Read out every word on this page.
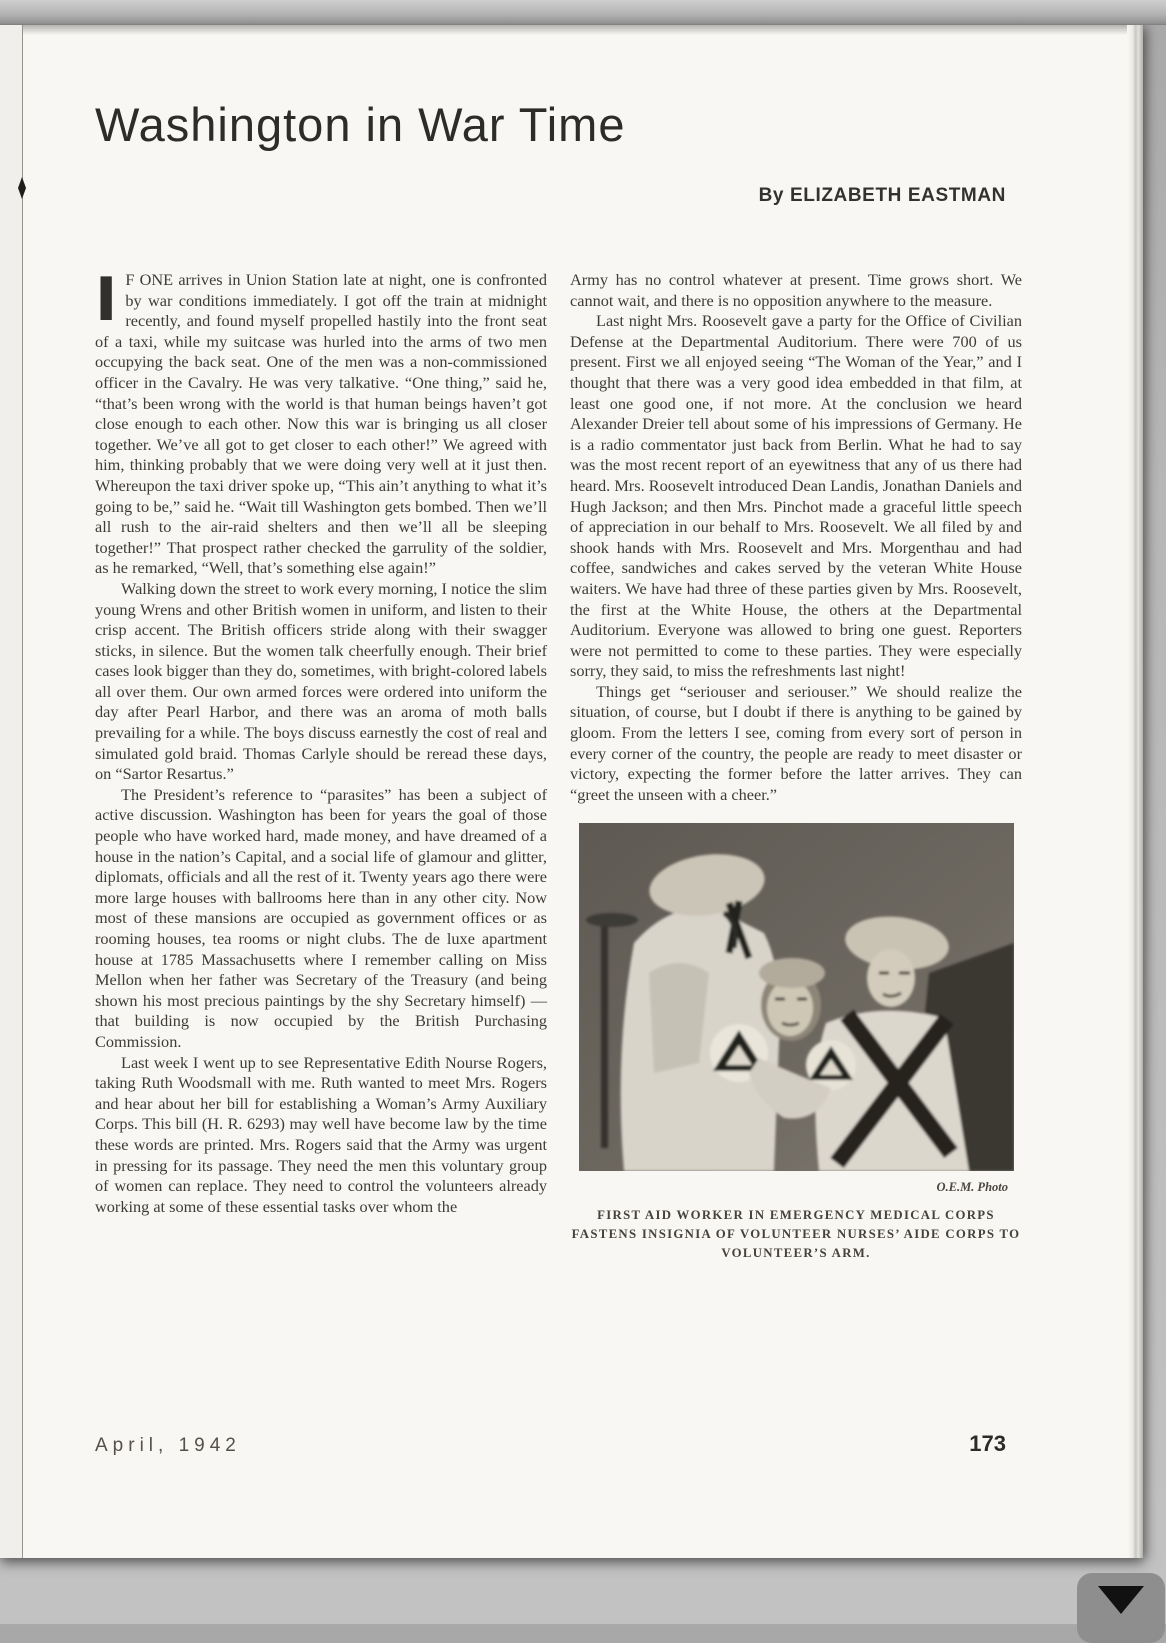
Washington in War Time
By ELIZABETH EASTMAN

I F ONE arrives in Union Station late at night, one is confronted by war conditions immediately. I got off the train at midnight recently, and found myself propelled hastily into the front seat of a taxi, while my suitcase was hurled into the arms of two men occupying the back seat. One of the men was a non-commissioned officer in the Cavalry. He was very talkative. “One thing,” said he, “that’s been wrong with the world is that human beings haven’t got close enough to each other. Now this war is bringing us all closer together. We’ve all got to get closer to each other!” We agreed with him, thinking probably that we were doing very well at it just then. Whereupon the taxi driver spoke up, “This ain’t anything to what it’s going to be,” said he. “Wait till Washington gets bombed. Then we’ll all rush to the air-raid shelters and then we’ll all be sleeping together!” That prospect rather checked the garrulity of the soldier, as he remarked, “Well, that’s something else again!”

Walking down the street to work every morning, I notice the slim young Wrens and other British women in uniform, and listen to their crisp accent. The British officers stride along with their swagger sticks, in silence. But the women talk cheerfully enough. Their brief cases look bigger than they do, sometimes, with bright-colored labels all over them. Our own armed forces were ordered into uniform the day after Pearl Harbor, and there was an aroma of moth balls prevailing for a while. The boys discuss earnestly the cost of real and simulated gold braid. Thomas Carlyle should be reread these days, on “Sartor Resartus.”

The President’s reference to “parasites” has been a subject of active discussion. Washington has been for years the goal of those people who have worked hard, made money, and have dreamed of a house in the nation’s Capital, and a social life of glamour and glitter, diplomats, officials and all the rest of it. Twenty years ago there were more large houses with ballrooms here than in any other city. Now most of these mansions are occupied as government offices or as rooming houses, tea rooms or night clubs. The de luxe apartment house at 1785 Massachusetts where I remember calling on Miss Mellon when her father was Secretary of the Treasury (and being shown his most precious paintings by the shy Secretary himself) — that building is now occupied by the British Purchasing Commission.

Last week I went up to see Representative Edith Nourse Rogers, taking Ruth Woodsmall with me. Ruth wanted to meet Mrs. Rogers and hear about her bill for establishing a Woman’s Army Auxiliary Corps. This bill (H. R. 6293) may well have become law by the time these words are printed. Mrs. Rogers said that the Army was urgent in pressing for its passage. They need the men this voluntary group of women can replace. They need to control the volunteers already working at some of these essential tasks over whom the

Army has no control whatever at present. Time grows short. We cannot wait, and there is no opposition anywhere to the measure.

Last night Mrs. Roosevelt gave a party for the Office of Civilian Defense at the Departmental Auditorium. There were 700 of us present. First we all enjoyed seeing “The Woman of the Year,” and I thought that there was a very good idea embedded in that film, at least one good one, if not more. At the conclusion we heard Alexander Dreier tell about some of his impressions of Germany. He is a radio commentator just back from Berlin. What he had to say was the most recent report of an eyewitness that any of us there had heard. Mrs. Roosevelt introduced Dean Landis, Jonathan Daniels and Hugh Jackson; and then Mrs. Pinchot made a graceful little speech of appreciation in our behalf to Mrs. Roosevelt. We all filed by and shook hands with Mrs. Roosevelt and Mrs. Morgenthau and had coffee, sandwiches and cakes served by the veteran White House waiters. We have had three of these parties given by Mrs. Roosevelt, the first at the White House, the others at the Departmental Auditorium. Everyone was allowed to bring one guest. Reporters were not permitted to come to these parties. They were especially sorry, they said, to miss the refreshments last night!

Things get “seriouser and seriouser.” We should realize the situation, of course, but I doubt if there is anything to be gained by gloom. From the letters I see, coming from every sort of person in every corner of the country, the people are ready to meet disaster or victory, expecting the former before the latter arrives. They can “greet the unseen with a cheer.”

O.E.M. Photo
FIRST AID WORKER IN EMERGENCY MEDICAL CORPS FASTENS INSIGNIA OF VOLUNTEER NURSES’ AIDE CORPS TO VOLUNTEER’S ARM.
April, 1942	173
